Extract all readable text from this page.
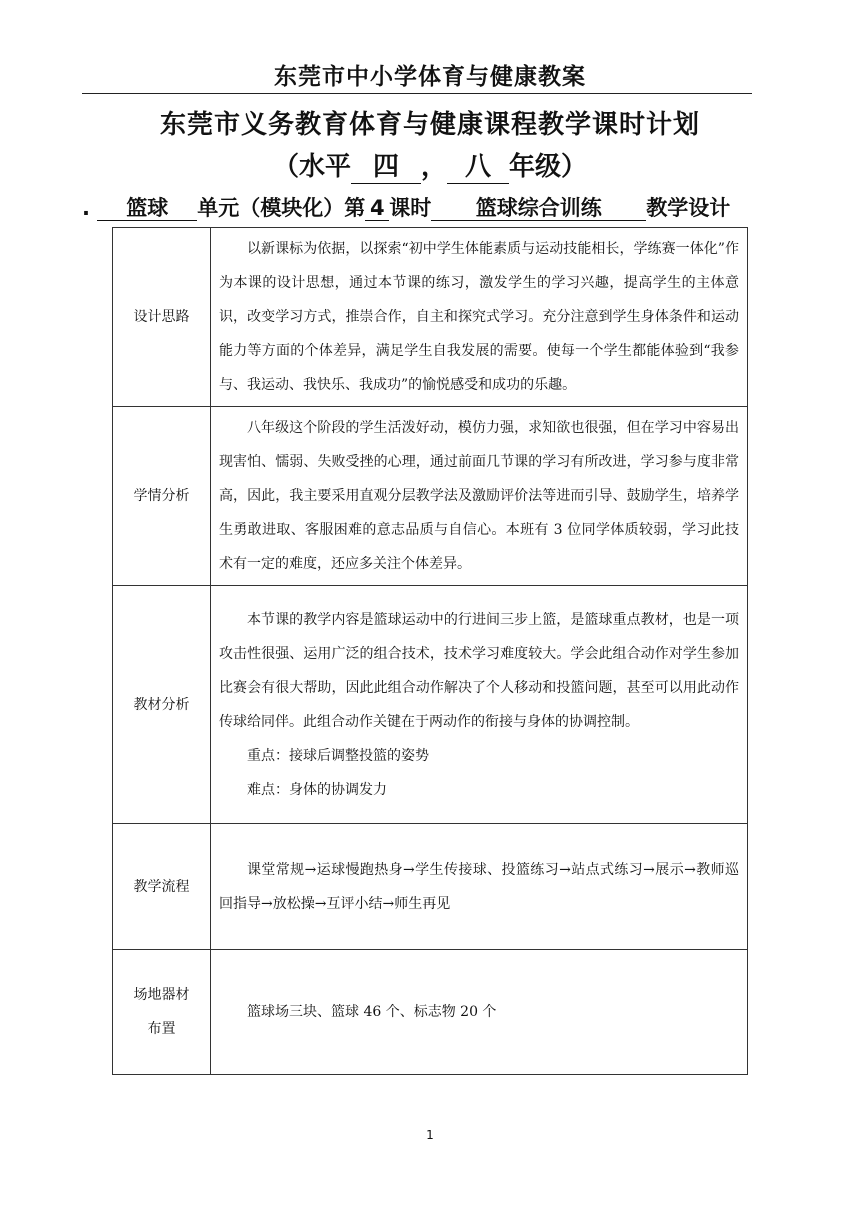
东莞市中小学体育与健康教案
东莞市义务教育体育与健康课程教学课时计划
（水平 四 ， 八 年级）
. 篮球 单元（模块化）第 4 课时 篮球综合训练 教学设计
设计思路	以新课标为依据，以探索“初中学生体能素质与运动技能相长，学练赛一体化”作为本课的设计思想，通过本节课的练习，激发学生的学习兴趣，提高学生的主体意识，改变学习方式，推崇合作，自主和探究式学习。充分注意到学生身体条件和运动能力等方面的个体差异，满足学生自我发展的需要。使每一个学生都能体验到“我参与、我运动、我快乐、我成功”的愉悦感受和成功的乐趣。

学情分析	八年级这个阶段的学生活泼好动，模仿力强，求知欲也很强，但在学习中容易出现害怕、懦弱、失败受挫的心理，通过前面几节课的学习有所改进，学习参与度非常高，因此，我主要采用直观分层教学法及激励评价法等进而引导、鼓励学生，培养学生勇敢进取、客服困难的意志品质与自信心。本班有 3 位同学体质较弱，学习此技术有一定的难度，还应多关注个体差异。

教材分析	本节课的教学内容是篮球运动中的行进间三步上篮，是篮球重点教材，也是一项攻击性很强、运用广泛的组合技术，技术学习难度较大。学会此组合动作对学生参加比赛会有很大帮助，因此此组合动作解决了个人移动和投篮问题，甚至可以用此动作传球给同伴。此组合动作关键在于两动作的衔接与身体的协调控制。

重点：接球后调整投篮的姿势

难点：身体的协调发力

教学流程	课堂常规→运球慢跑热身→学生传接球、投篮练习→站点式练习→展示→教师巡回指导→放松操→互评小结→师生再见

场地器材
布置	篮球场三块、篮球 46 个、标志物 20 个

1
